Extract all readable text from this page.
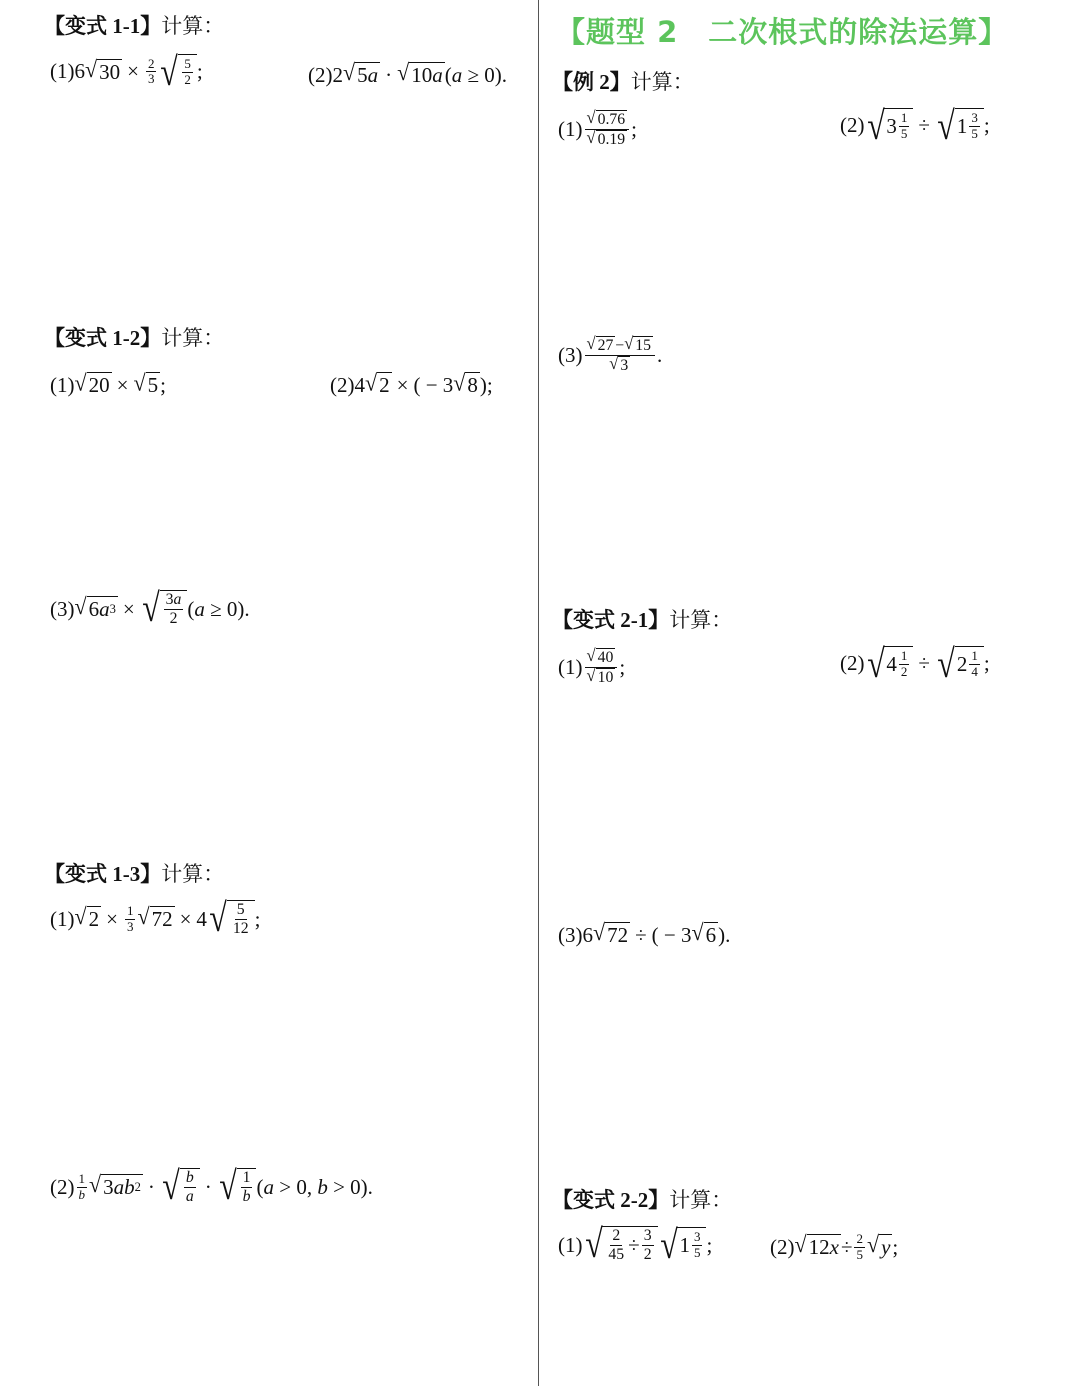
【变式 1-1】计算：
(1) 6 √ $30 \times \frac{2}{3}$ √ $\frac{5}{2}$ ;	(2) 2 √ 5 a · √ 10 a ( a ≥ 0).
【变式 1-2】计算：
(1) √ 20 × √ 5 ;	(2) 4 √ 2 × ( − 3 √ 8 );
(3) √ 6 a 3 × √ $\frac{3 a}{2}$ ( a ≥ 0).
【变式 1-3】计算：
(1) √ $2 \times \frac{1}{3}$ √ 72 × 4 √ $\frac{5}{12}$ ;
$(2) \frac{1}{b}$ √ 3 ab 2 · √ $\frac{b}{a}$ · √ $\frac{1}{b}$ ( a > 0, b > 0).
【题型 2　二次根式的除法运算】
【例 2】计算：
$(1) \frac{√ 0.76}{√ 0.19}$ ;	(2) √ $3 \frac{1}{5}$ ÷ √ $1 \frac{3}{5}$ ;
$(3) \frac{√ 27 - √ 15}{√ 3}$ .
【变式 2-1】计算：
$(1) \frac{√ 40}{√ 10}$ ;	(2) √ $4 \frac{1}{2}$ ÷ √ $2 \frac{1}{4}$ ;
(3) 6 √ 72 ÷ ( − 3 √ 6 ).
【变式 2-2】计算：
(1) √ $\frac{2}{45} \div \frac{3}{2}$ √ $1 \frac{3}{5}$ ;	(2) √ 12 $x \div \frac{2}{5}$ √ y ;
